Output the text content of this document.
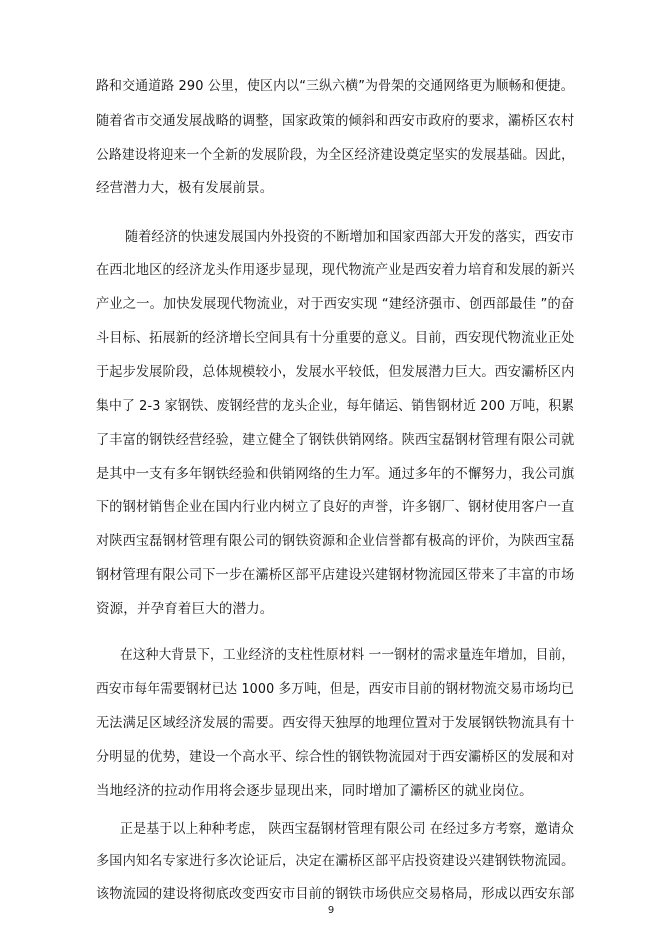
路和交通道路 290 公里，使区内以“三纵六横”为骨架的交通网络更为顺畅和便捷。
随着省市交通发展战略的调整，国家政策的倾斜和西安市政府的要求，灞桥区农村
公路建设将迎来一个全新的发展阶段，为全区经济建设奠定坚实的发展基础。因此，
经营潜力大，极有发展前景。
随着经济的快速发展国内外投资的不断增加和国家西部大开发的落实，西安市
在西北地区的经济龙头作用逐步显现，现代物流产业是西安着力培育和发展的新兴
产业之一。加快发展现代物流业，对于西安实现 “建经济强市、创西部最佳 ”的奋
斗目标、拓展新的经济增长空间具有十分重要的意义。目前，西安现代物流业正处
于起步发展阶段，总体规模较小，发展水平较低，但发展潜力巨大。西安灞桥区内
集中了 2-3 家钢铁、废钢经营的龙头企业，每年储运、销售钢材近 200 万吨，积累
了丰富的钢铁经营经验，建立健全了钢铁供销网络。陕西宝磊钢材管理有限公司就
是其中一支有多年钢铁经验和供销网络的生力军。通过多年的不懈努力，我公司旗
下的钢材销售企业在国内行业内树立了良好的声誉，许多钢厂、钢材使用客户一直
对陕西宝磊钢材管理有限公司的钢铁资源和企业信誉都有极高的评价，为陕西宝磊
钢材管理有限公司下一步在灞桥区部平店建设兴建钢材物流园区带来了丰富的市场
资源，并孕育着巨大的潜力。
在这种大背景下，工业经济的支柱性原材料 一一钢材的需求量连年增加，目前，
西安市每年需要钢材已达 1000 多万吨，但是，西安市目前的钢材物流交易市场均已
无法满足区域经济发展的需要。西安得天独厚的地理位置对于发展钢铁物流具有十
分明显的优势，建设一个高水平、综合性的钢铁物流园对于西安灞桥区的发展和对
当地经济的拉动作用将会逐步显现出来，同时增加了灞桥区的就业岗位。
正是基于以上种种考虑， 陕西宝磊钢材管理有限公司 在经过多方考察，邀请众
多国内知名专家进行多次论证后，决定在灞桥区部平店投资建设兴建钢铁物流园。
该物流园的建设将彻底改变西安市目前的钢铁市场供应交易格局，形成以西安东部
9
